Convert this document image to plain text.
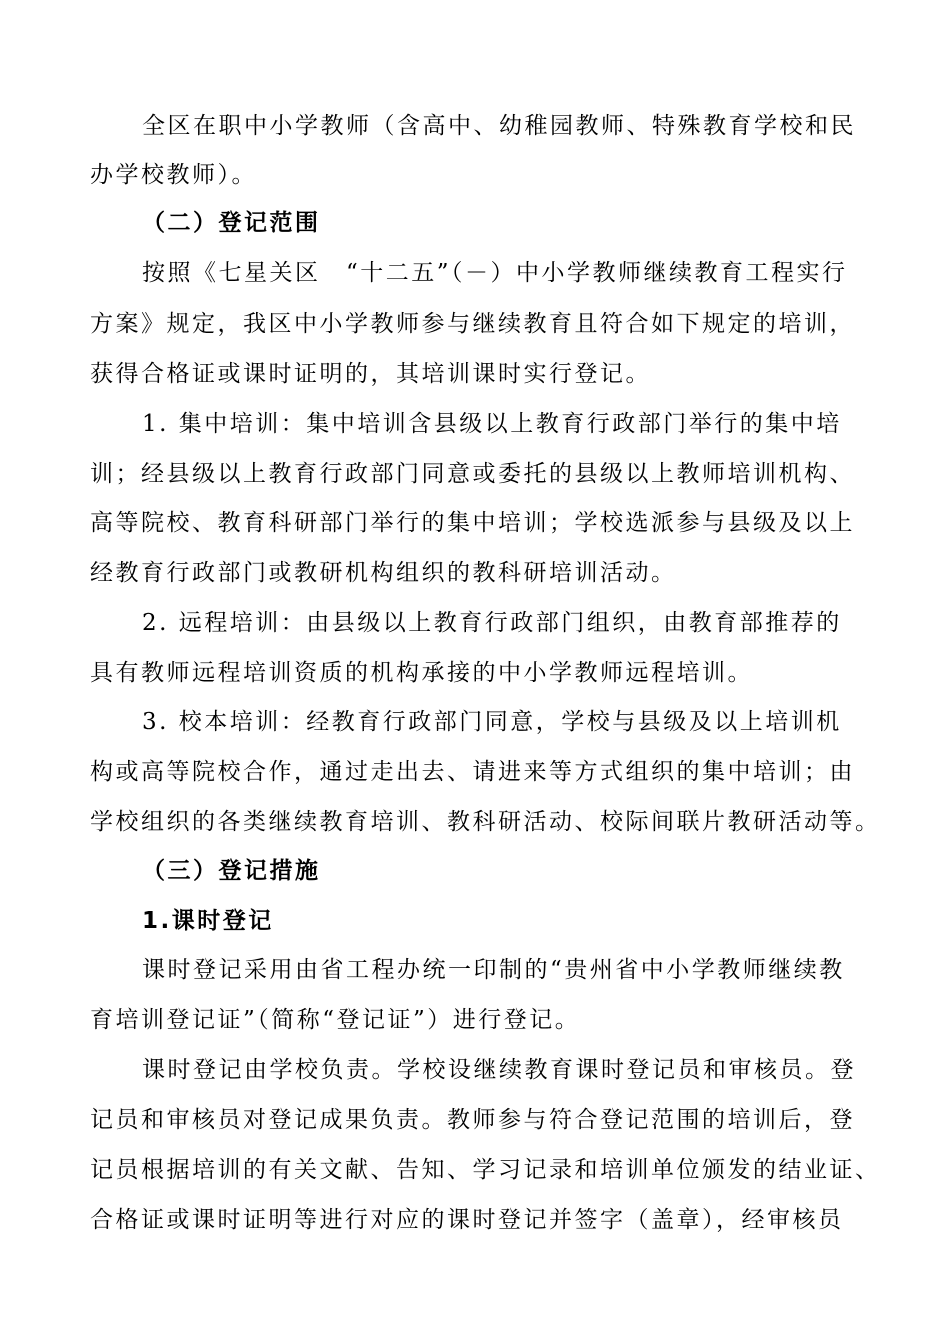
全区在职中小学教师（含高中、幼稚园教师、特殊教育学校和民
办学校教师）。
（二）登记范围
按照《七星关区　“十二五”（－）中小学教师继续教育工程实行
方案》规定，我区中小学教师参与继续教育且符合如下规定的培训，
获得合格证或课时证明的，其培训课时实行登记。
1. 集中培训：集中培训含县级以上教育行政部门举行的集中培
训；经县级以上教育行政部门同意或委托的县级以上教师培训机构、
高等院校、教育科研部门举行的集中培训；学校选派参与县级及以上
经教育行政部门或教研机构组织的教科研培训活动。
2. 远程培训：由县级以上教育行政部门组织，由教育部推荐的
具有教师远程培训资质的机构承接的中小学教师远程培训。
3. 校本培训：经教育行政部门同意，学校与县级及以上培训机
构或高等院校合作，通过走出去、请进来等方式组织的集中培训；由
学校组织的各类继续教育培训、教科研活动、校际间联片教研活动等。
（三）登记措施
1.课时登记
课时登记采用由省工程办统一印制的“贵州省中小学教师继续教
育培训登记证”（简称“登记证”）进行登记。
课时登记由学校负责。学校设继续教育课时登记员和审核员。登
记员和审核员对登记成果负责。教师参与符合登记范围的培训后，登
记员根据培训的有关文献、告知、学习记录和培训单位颁发的结业证、
合格证或课时证明等进行对应的课时登记并签字（盖章），经审核员
